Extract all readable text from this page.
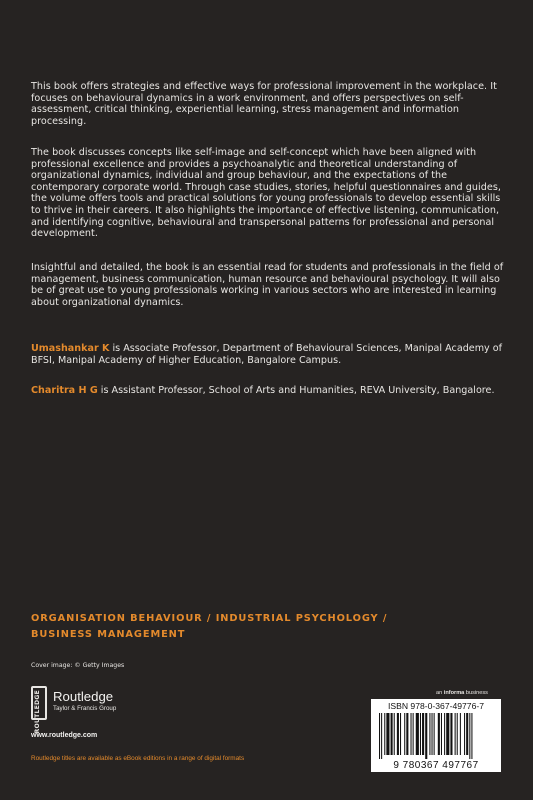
This book offers strategies and effective ways for professional improvement in the workplace. It focuses on behavioural dynamics in a work environment, and offers perspectives on self-assessment, critical thinking, experiential learning, stress management and information processing.

The book discusses concepts like self-image and self-concept which have been aligned with professional excellence and provides a psychoanalytic and theoretical understanding of organizational dynamics, individual and group behaviour, and the expectations of the contemporary corporate world. Through case studies, stories, helpful questionnaires and guides, the volume offers tools and practical solutions for young professionals to develop essential skills to thrive in their careers. It also highlights the importance of effective listening, communication, and identifying cognitive, behavioural and transpersonal patterns for professional and personal development.

Insightful and detailed, the book is an essential read for students and professionals in the field of management, business communication, human resource and behavioural psychology. It will also be of great use to young professionals working in various sectors who are interested in learning about organizational dynamics.

Umashankar K is Associate Professor, Department of Behavioural Sciences, Manipal Academy of BFSI, Manipal Academy of Higher Education, Bangalore Campus.

Charitra H G is Assistant Professor, School of Arts and Humanities, REVA University, Bangalore.

ORGANISATION BEHAVIOUR / INDUSTRIAL PSYCHOLOGY / BUSINESS MANAGEMENT
Cover image: © Getty Images
ROUTLEDGE Routledge
Taylor & Francis Group
www.routledge.com
Routledge titles are available as eBook editions in a range of digital formats
an informa business
ISBN 978-0-367-49776-7
9 780367 497767
